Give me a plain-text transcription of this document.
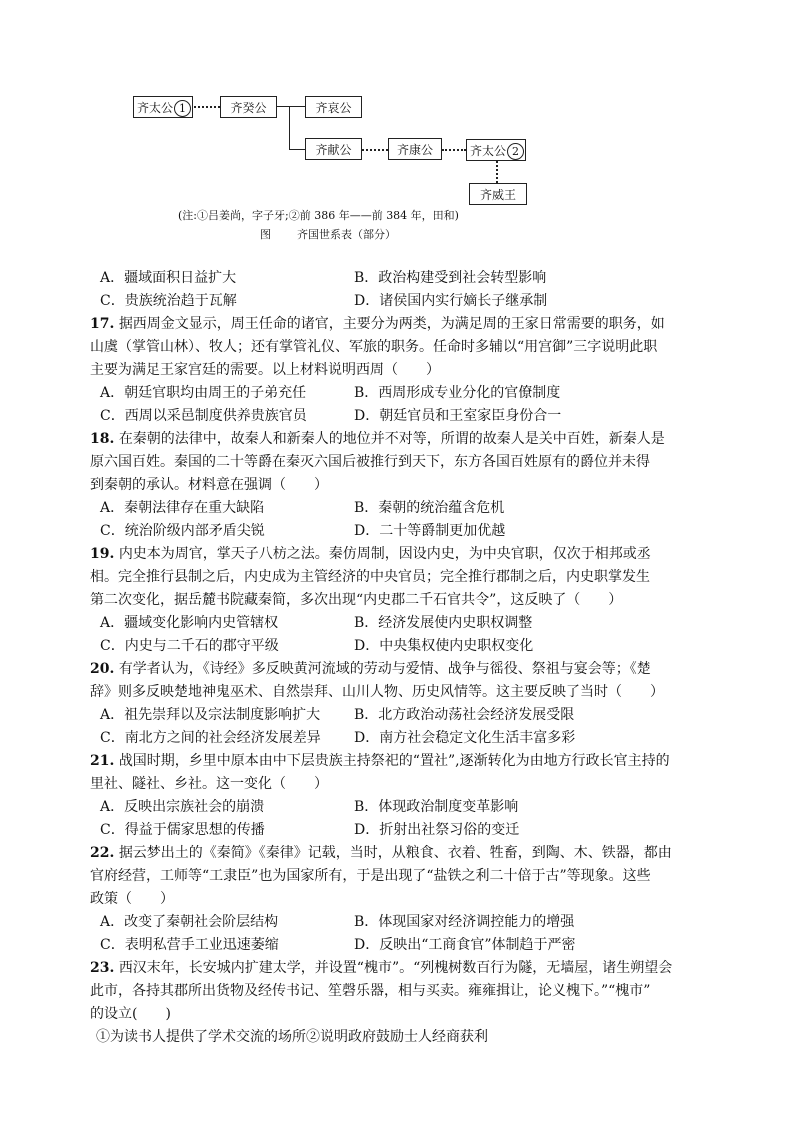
齐太公 1	齐癸公	齐哀公
齐献公	齐康公	齐太公 2
齐威王
(注:①吕姜尚，字子牙;②前 386 年——前 384 年，田和)
图 齐国世系表（部分）
A．疆域面积日益扩大	B．政治构建受到社会转型影响
C．贵族统治趋于瓦解	D．诸侯国内实行嫡长子继承制
17. 据西周金文显示，周王任命的诸官，主要分为两类，为满足周的王家日常需要的职务，如
山虞（掌管山林）、牧人；还有掌管礼仪、军旅的职务。任命时多辅以“用宫御”三字说明此职
主要为满足王家宫廷的需要。以上材料说明西周（　　）
A．朝廷官职均由周王的子弟充任	B．西周形成专业分化的官僚制度
C．西周以采邑制度供养贵族官员	D．朝廷官员和王室家臣身份合一
18. 在秦朝的法律中，故秦人和新秦人的地位并不对等，所谓的故秦人是关中百姓，新秦人是
原六国百姓。秦国的二十等爵在秦灭六国后被推行到天下，东方各国百姓原有的爵位并未得
到秦朝的承认。材料意在强调（　　）
A．秦朝法律存在重大缺陷	B．秦朝的统治蕴含危机
C．统治阶级内部矛盾尖锐	D．二十等爵制更加优越
19. 内史本为周官，掌天子八枋之法。秦仿周制，因设内史，为中央官职，仅次于相邦或丞
相。完全推行县制之后，内史成为主管经济的中央官员；完全推行郡制之后，内史职掌发生
第二次变化，据岳麓书院藏秦简，多次出现“内史郡二千石官共令”，这反映了（　　）
A．疆域变化影响内史管辖权	B．经济发展使内史职权调整
C．内史与二千石的郡守平级	D．中央集权使内史职权变化
20. 有学者认为，《诗经》多反映黄河流域的劳动与爱情、战争与徭役、祭祖与宴会等；《楚
辞》则多反映楚地神鬼巫术、自然崇拜、山川人物、历史风情等。这主要反映了当时（　　）
A．祖先崇拜以及宗法制度影响扩大 B．北方政治动荡社会经济发展受限
C．南北方之间的社会经济发展差异 D．南方社会稳定文化生活丰富多彩
21. 战国时期，乡里中原本由中下层贵族主持祭祀的“置社”,逐渐转化为由地方行政长官主持的
里社、隧社、乡社。这一变化（　　）
A．反映出宗族社会的崩溃	B．体现政治制度变革影响
C．得益于儒家思想的传播	D．折射出社祭习俗的变迁
22. 据云梦出土的《秦简》《秦律》记载，当时，从粮食、衣着、牲畜，到陶、木、铁器，都由
官府经营，工师等“工隶臣”也为国家所有，于是出现了“盐铁之利二十倍于古”等现象。这些
政策（　　）
A．改变了秦朝社会阶层结构	B．体现国家对经济调控能力的增强
C．表明私营手工业迅速萎缩	D．反映出“工商食官”体制趋于严密
23. 西汉末年，长安城内扩建太学，并设置“槐市”。“列槐树数百行为隧，无墙屋，诸生朔望会
此市，各持其郡所出货物及经传书记、笙磬乐器，相与买卖。雍雍揖让，论义槐下。”“槐市”
的设立(　　)
①为读书人提供了学术交流的场所②说明政府鼓励士人经商获利
